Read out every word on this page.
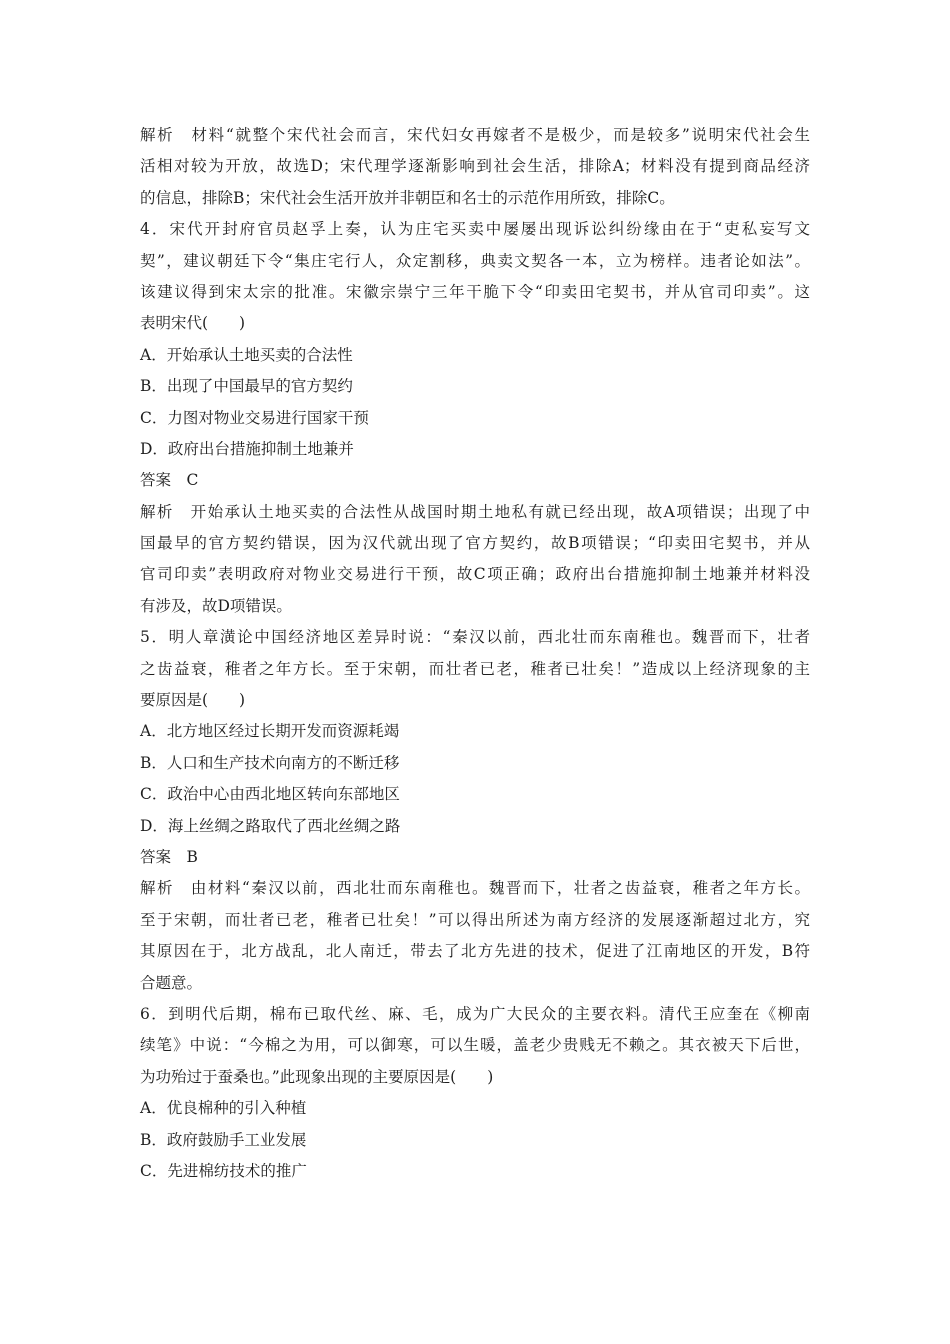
解析　材料“就整个宋代社会而言，宋代妇女再嫁者不是极少，而是较多”说明宋代社会生
活相对较为开放，故选D；宋代理学逐渐影响到社会生活，排除A；材料没有提到商品经济
的信息，排除B；宋代社会生活开放并非朝臣和名士的示范作用所致，排除C。
4．宋代开封府官员赵孚上奏，认为庄宅买卖中屡屡出现诉讼纠纷缘由在于“吏私妄写文
契”，建议朝廷下令“集庄宅行人，众定割移，典卖文契各一本，立为榜样。违者论如法”。
该建议得到宋太宗的批准。宋徽宗崇宁三年干脆下令“印卖田宅契书，并从官司印卖”。这
表明宋代(　　)
A．开始承认土地买卖的合法性
B．出现了中国最早的官方契约
C．力图对物业交易进行国家干预
D．政府出台措施抑制土地兼并
答案　C
解析　开始承认土地买卖的合法性从战国时期土地私有就已经出现，故A项错误；出现了中
国最早的官方契约错误，因为汉代就出现了官方契约，故B项错误；“印卖田宅契书，并从
官司印卖”表明政府对物业交易进行干预，故C项正确；政府出台措施抑制土地兼并材料没
有涉及，故D项错误。
5．明人章潢论中国经济地区差异时说：“秦汉以前，西北壮而东南稚也。魏晋而下，壮者
之齿益衰，稚者之年方长。至于宋朝，而壮者已老，稚者已壮矣！”造成以上经济现象的主
要原因是(　　)
A．北方地区经过长期开发而资源耗竭
B．人口和生产技术向南方的不断迁移
C．政治中心由西北地区转向东部地区
D．海上丝绸之路取代了西北丝绸之路
答案　B
解析　由材料“秦汉以前，西北壮而东南稚也。魏晋而下，壮者之齿益衰，稚者之年方长。
至于宋朝，而壮者已老，稚者已壮矣！”可以得出所述为南方经济的发展逐渐超过北方，究
其原因在于，北方战乱，北人南迁，带去了北方先进的技术，促进了江南地区的开发，B符
合题意。
6．到明代后期，棉布已取代丝、麻、毛，成为广大民众的主要衣料。清代王应奎在《柳南
续笔》中说：“今棉之为用，可以御寒，可以生暖，盖老少贵贱无不赖之。其衣被天下后世，
为功殆过于蚕桑也。”此现象出现的主要原因是(　　)
A．优良棉种的引入种植
B．政府鼓励手工业发展
C．先进棉纺技术的推广
